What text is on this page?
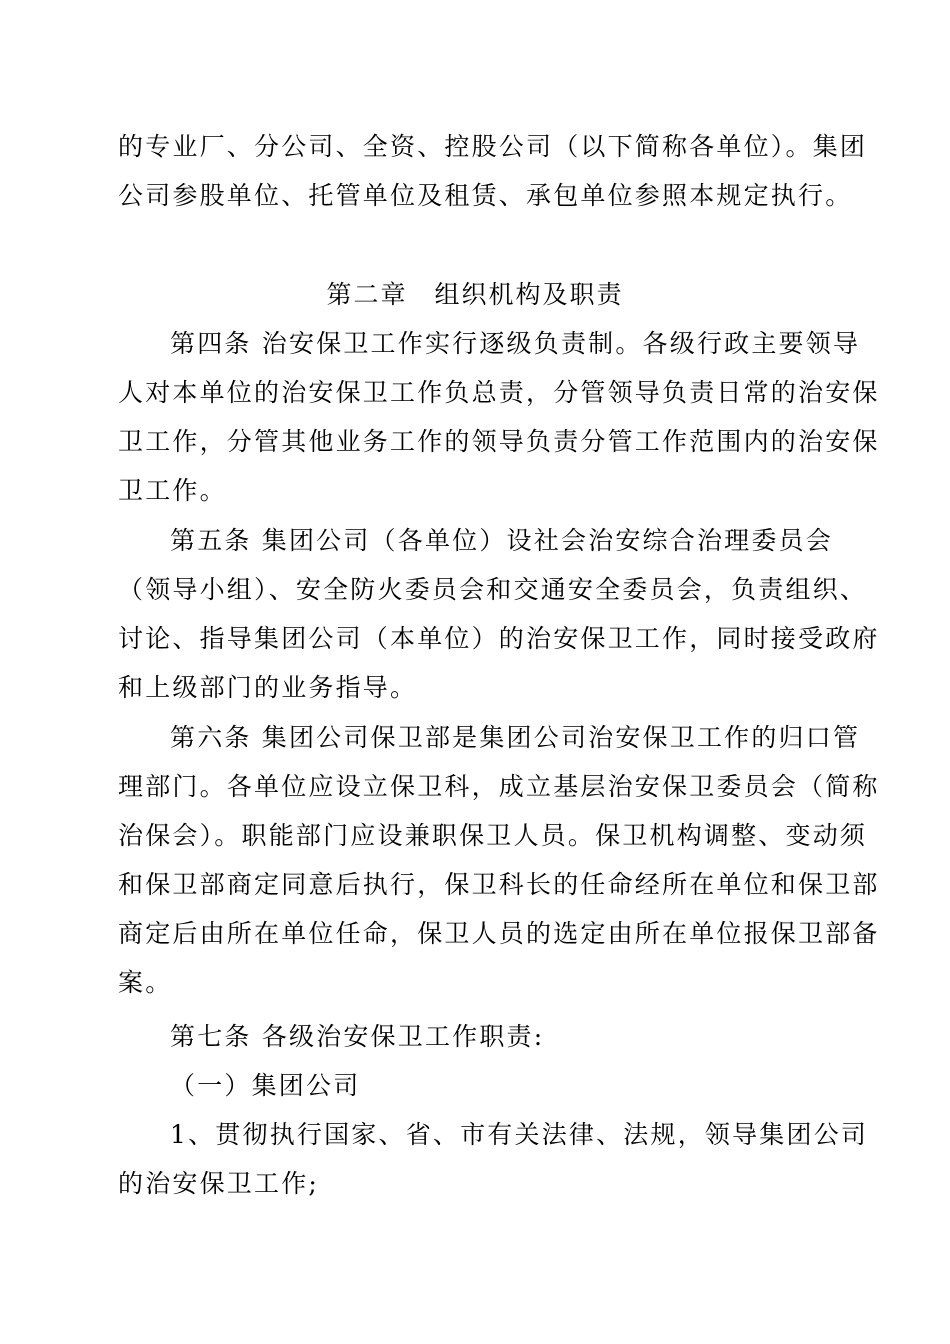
的专业厂、分公司、全资、控股公司（以下简称各单位）。集团
公司参股单位、托管单位及租赁、承包单位参照本规定执行。
第二章　组织机构及职责
第四条 治安保卫工作实行逐级负责制。各级行政主要领导
人对本单位的治安保卫工作负总责，分管领导负责日常的治安保
卫工作，分管其他业务工作的领导负责分管工作范围内的治安保
卫工作。
第五条 集团公司（各单位）设社会治安综合治理委员会
（领导小组）、安全防火委员会和交通安全委员会，负责组织、
讨论、指导集团公司（本单位）的治安保卫工作，同时接受政府
和上级部门的业务指导。
第六条 集团公司保卫部是集团公司治安保卫工作的归口管
理部门。各单位应设立保卫科，成立基层治安保卫委员会（简称
治保会）。职能部门应设兼职保卫人员。保卫机构调整、变动须
和保卫部商定同意后执行，保卫科长的任命经所在单位和保卫部
商定后由所在单位任命，保卫人员的选定由所在单位报保卫部备
案。
第七条 各级治安保卫工作职责:
（一）集团公司
1、贯彻执行国家、省、市有关法律、法规，领导集团公司
的治安保卫工作;
